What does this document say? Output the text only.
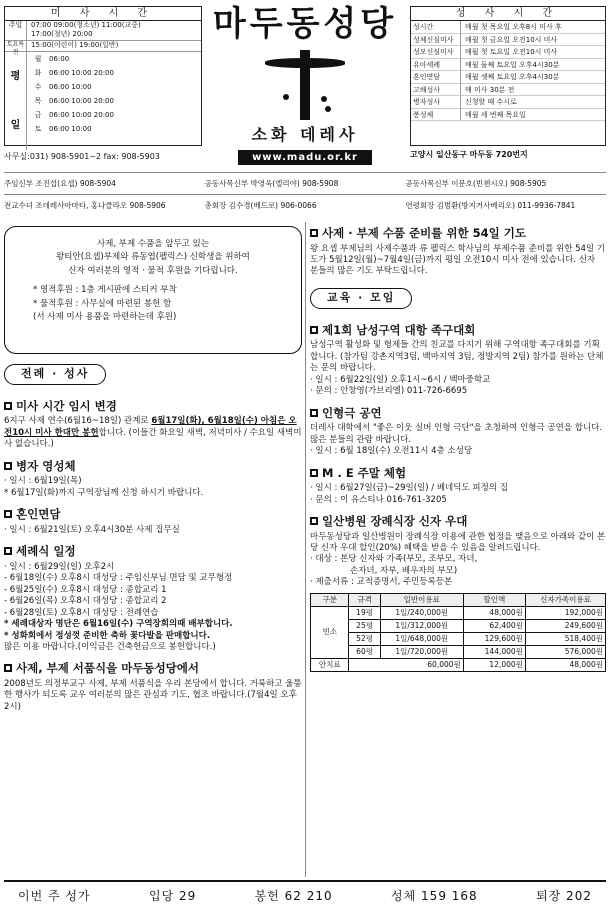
미 사 시 간
주일	07:00 09:00(청소년) 11:00(교중)
17:00(청년) 20:00
토요특전
15:00(어린이) 19:00(일반)
평
일
월	06:00
화	06:00 10:00 20:00
수	06:00 10:00
목	06:00 10:00 20:00
금	06:00 10:00 20:00
토	06:00 10:00
마두동성당
소화 데레사
www.madu.or.kr
성 사 시 간
성시간	매월 첫 목요일 오후8시 미사 후
성체신심미사	매월 첫 금요일 오전10시 미사
성모신심미사	매월 첫 토요일 오전10시 미사
유아세례	매월 둘째 토요일 오후4시30분
혼인면담	매월 셋째 토요일 오후4시30분
고해성사	매 미사 30분 전
병자성사	신청할 때 수시로
봉성체	매월 세 번째 목요일
사무실:031) 908-5901~2 fax: 908-5903	고양시 일산동구 마두동 720번지
주임신부 조진섭(요셉) 908-5904	공동사목신부 박영욱(엘리야) 908-5908	공동사목신부 이문호(빈첸시오) 908-5905
전교수녀 조데레사아마타, 홍나클라오 908-5906	총회장 김수경(베드로) 906-0066	연령회장 김범환(방지거사베리오) 011-9936-7841

사제, 부제 수품을 앞두고 있는

왕티안(요셉)부제와 류동엽(펠릭스) 신학생을 위하여

신자 여러분의 영적 · 물적 후원을 기다립니다.

* 영적후원 : 1층 게시판에 스티커 부착

* 물적후원 : 사무실에 마련된 봉헌 함

(서 사제 미사 용품을 마련하는데 후원)

전례 · 성사
미사 시간 임시 변경
6지구 사제 연수(6월16~18일) 관계로 6월17일(화), 6월18일(수) 아침은 오전10시 미사 한대만 봉헌합니다. (이들간 화요일 새벽, 저녁미사 / 수요일 새벽미사 없습니다.)
병자 영성체
· 일시 : 6월19일(목)
* 6월17일(화)까지 구역장님께 신청 하시기 바랍니다.
혼인면담
· 일시 : 6월21일(토) 오후4시30분 사제 집무실
세례식 일정
· 일시 : 6월29일(일) 오후2시
- 6월18일(수) 오후8시 대성당 : 주임신부님 면담 및 교무형정
- 6월25일(수) 오후8시 대성당 : 종합교리 1
- 6월26일(목) 오후8시 대성당 : 종합교리 2
- 6월28일(토) 오후8시 대성당 : 전례연습
* 세례대상자 명단은 6월16일(수) 구역장회의때 배부합니다.
* 성화회에서 정성껏 준비한 축하 꽃다발을 판매합니다.
많은 이용 바랍니다.(이익금은 건축헌금으로 봉헌합니다.)
사제, 부제 서품식을 마두동성당에서
2008년도 의정부교구 사제, 부제 서품식을 우리 본당에서 합니다. 거룩하고 울퉁한 행사가 되도록 교우 여러분의 많은 관심과 기도, 협조 바랍니다.(7월4일 오후2시)
사제 · 부제 수품 준비를 위한 54일 기도
왕 요셉 부제님의 사제수품과 류 펠릭스 학사님의 부제수품 준비를 위한 54일 기도가 5월12일(월)~7월4일(금)까지 평일 오전10시 미사 전에 있습니다. 신자 분들의 많은 기도 부탁드립니다.
교육 · 모임
제1회 남성구역 대항 족구대회
남성구역 활성화 및 형제들 간의 친교를 다지기 위해 구역대항 족구대회를 기획합니다. (참가팀 강촌지역3팀, 백마지역 3팀, 정발지역 2팀) 참가를 원하는 단체는 문의 바랍니다.
· 일시 : 6월22일(일) 오후1시~6시 / 백마중학교
· 문의 : 안창영(가브리엘) 011-726-6695
인형극 공연
더레사 대학에서 "좋은 이웃 실버 인형 극단"을 초청하여 인형극 공연을 합니다. 많은 분들의 관람 바랍니다.
· 일시 : 6월 18일(수) 오전11시 4층 소성당
M . E 주말 체험
· 일시 : 6월27일(금)~29일(일) / 베네딕도 피정의 집
· 문의 : 이 유스티나 016-761-3205
일산병원 장례식장 신자 우대
마두동성당과 일산병원이 장례식장 이용에 관한 협정을 맺음으로 아래와 같이 본당 신자 우대 할인(20%) 혜택을 받을 수 있음을 알려드립니다.
· 대상 : 본당 신자와 가족(부모, 조부모, 자녀,
손자녀, 자부, 배우자의 부모)
· 제출서류 : 교적증명서, 주민등록등본
구분	규격	일반이용료	할인액	신자가족이용료
빈소	19평	1일/240,000원	48,000원	192,000원
	25평	1일/312,000원	62,400원	249,600원
	52평	1일/648,000원	129,600원	518,400원
	60평	1일/720,000원	144,000원	576,000원
안치료	60,000원		12,000원	48,000원
이번 주 성가	입당 29	봉헌 62 210	성체 159 168	퇴장 202
